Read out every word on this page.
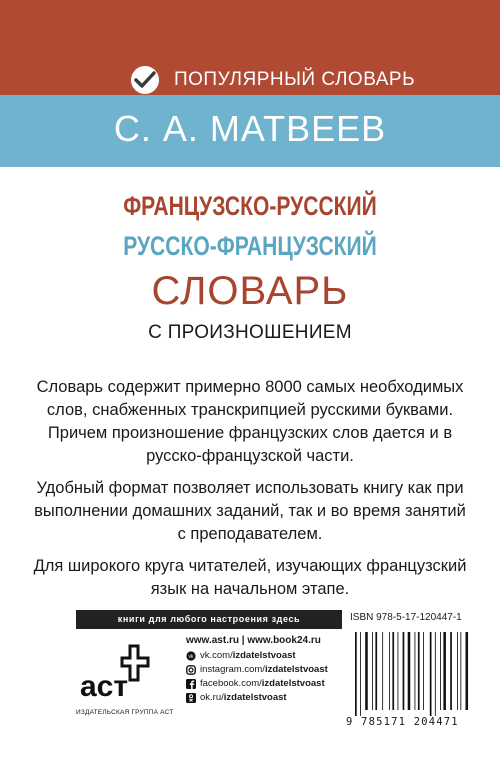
ПОПУЛЯРНЫЙ СЛОВАРЬ
С. А. МАТВЕЕВ
ФРАНЦУЗСКО-РУССКИЙ
РУССКО-ФРАНЦУЗСКИЙ
СЛОВАРЬ
С ПРОИЗНОШЕНИЕМ

Словарь содержит примерно 8000 самых необходимых слов, снабженных транскрипцией русскими буквами. Причем произношение французских слов дается и в русско-французской части.

Удобный формат позволяет использовать книгу как при выполнении домашних заданий, так и во время занятий с преподавателем.

Для широкого круга читателей, изучающих французский язык на начальном этапе.

книги для любого настроения здесь	ISBN 978-5-17-120447-1
аст
ИЗДАТЕЛЬСКАЯ ГРУППА АСТ
www.ast.ru | www.book24.ru
vk vk.com/izdatelstvoast
instagram.com/izdatelstvoast
facebook.com/izdatelstvoast
ok.ru/izdatelstvoast
9 785171 204471
